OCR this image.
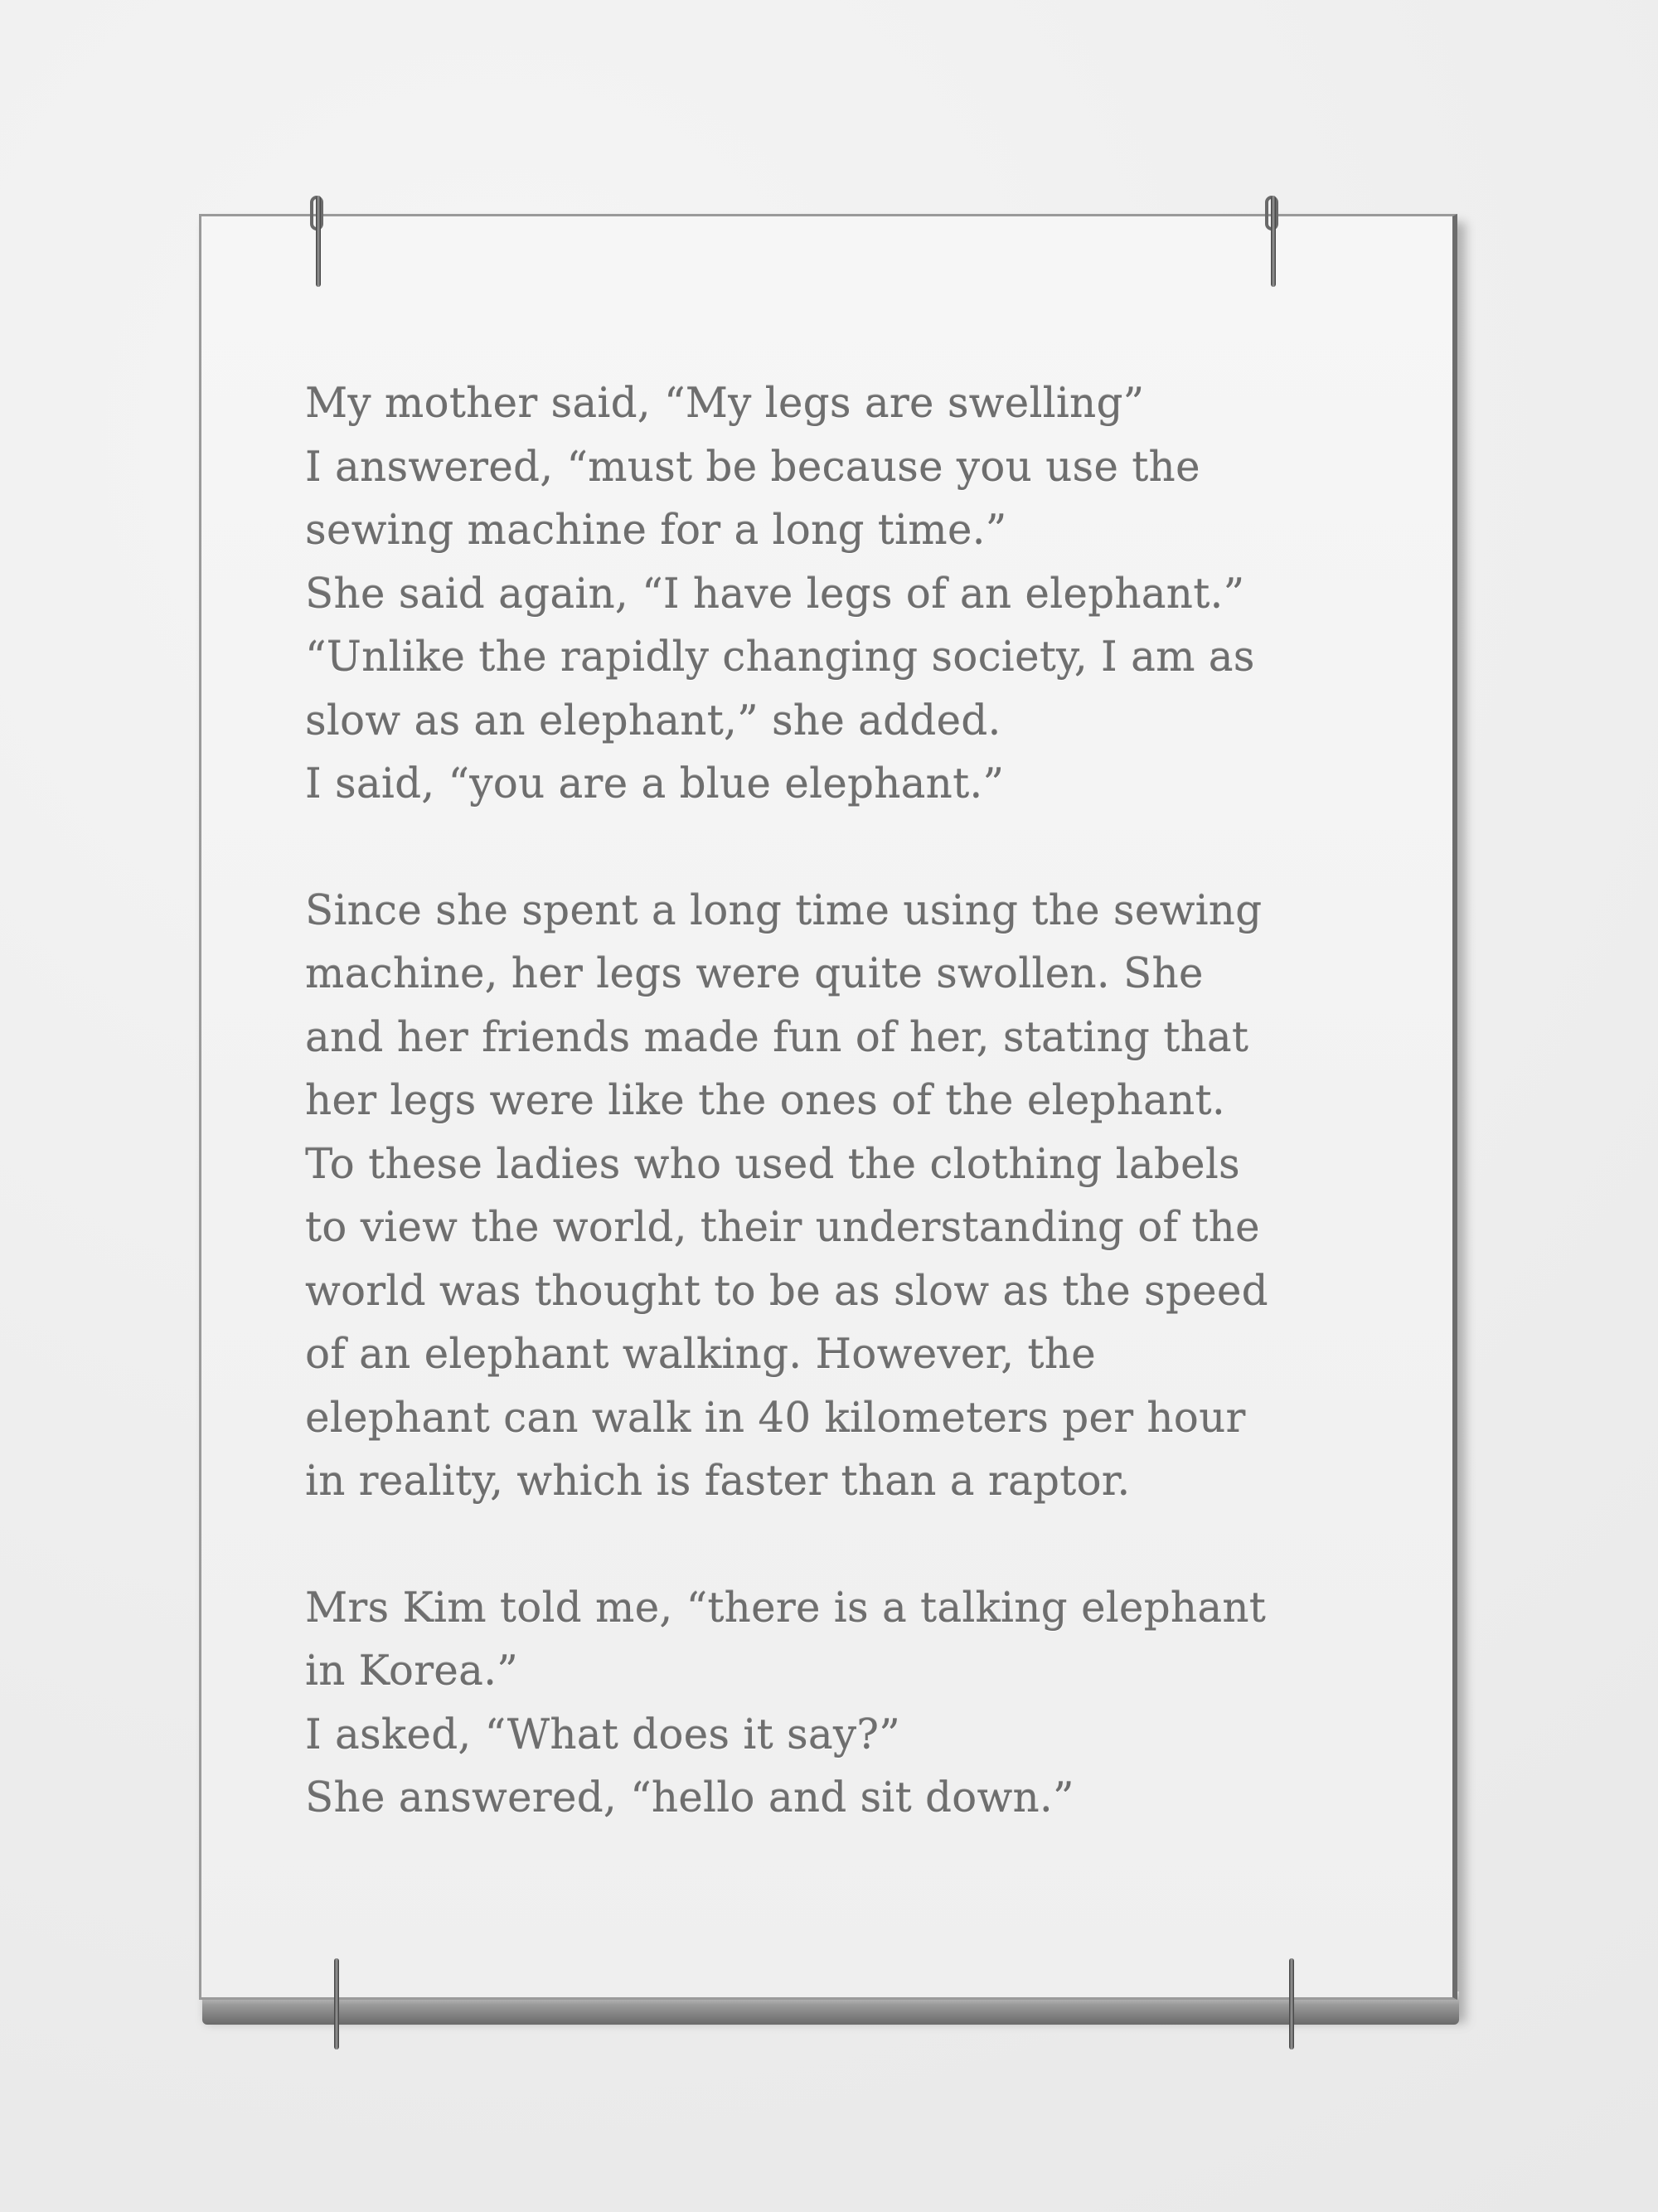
My mother said, “My legs are swelling”
I answered, “must be because you use the
sewing machine for a long time.”
She said again, “I have legs of an elephant.”
“Unlike the rapidly changing society, I am as
slow as an elephant,” she added.
I said, “you are a blue elephant.”
Since she spent a long time using the sewing
machine, her legs were quite swollen. She
and her friends made fun of her, stating that
her legs were like the ones of the elephant.
To these ladies who used the clothing labels
to view the world, their understanding of the
world was thought to be as slow as the speed
of an elephant walking. However, the
elephant can walk in 40 kilometers per hour
in reality, which is faster than a raptor.
Mrs Kim told me, “there is a talking elephant
in Korea.”
I asked, “What does it say?”
She answered, “hello and sit down.”
